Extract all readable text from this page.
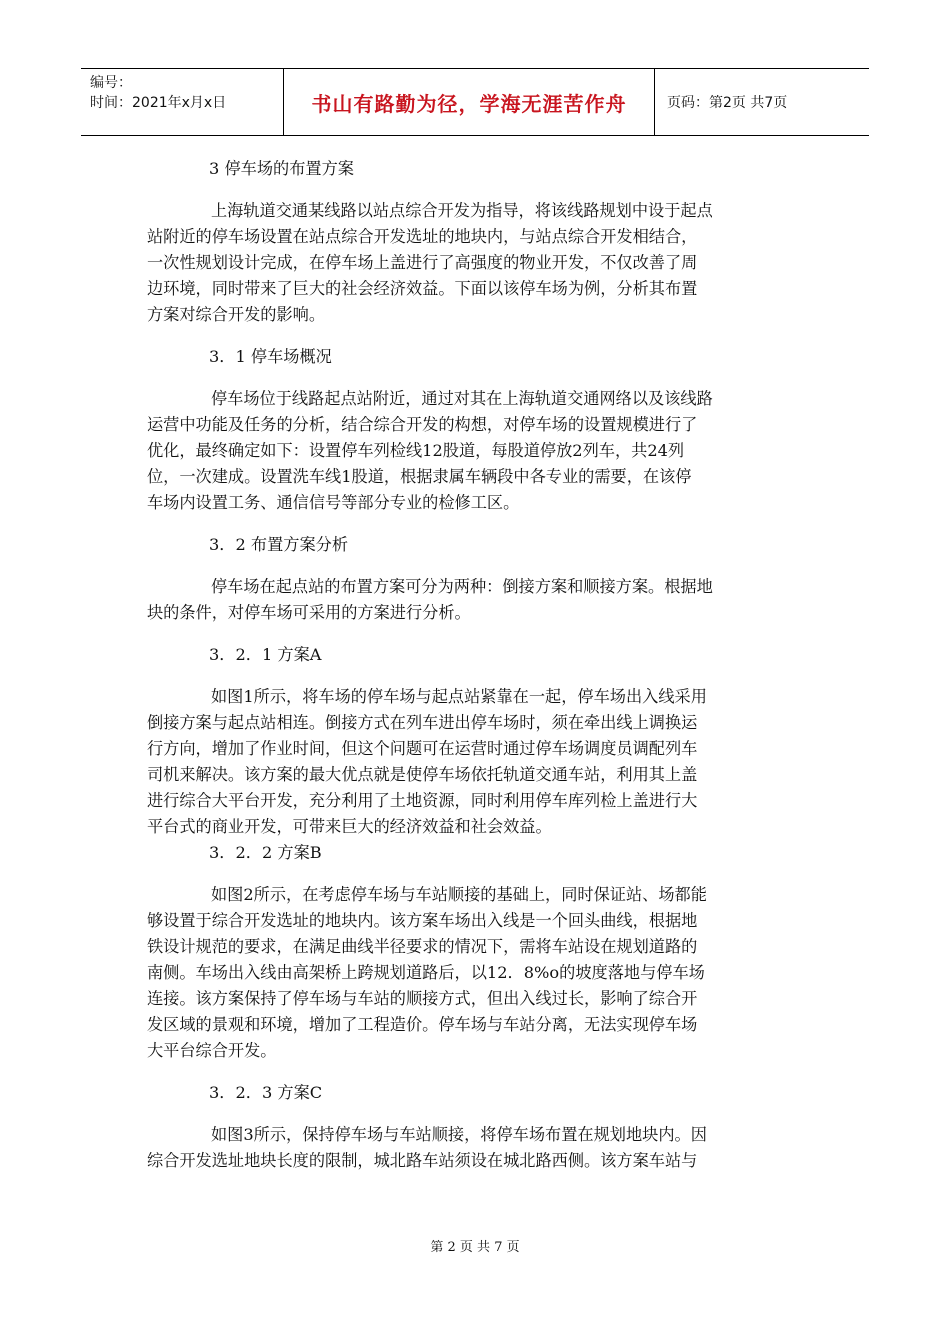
编号：
时间：2021年x月x日	书山有路勤为径，学海无涯苦作舟	页码：第2页 共7页
3 停车场的布置方案
上海轨道交通某线路以站点综合开发为指导，将该线路规划中设于起点
站附近的停车场设置在站点综合开发选址的地块内，与站点综合开发相结合，
一次性规划设计完成，在停车场上盖进行了高强度的物业开发，不仅改善了周
边环境，同时带来了巨大的社会经济效益。下面以该停车场为例，分析其布置
方案对综合开发的影响。
3．1 停车场概况
停车场位于线路起点站附近，通过对其在上海轨道交通网络以及该线路
运营中功能及任务的分析，结合综合开发的构想，对停车场的设置规模进行了
优化，最终确定如下：设置停车列检线12股道，每股道停放2列车，共24列
位，一次建成。设置洗车线1股道，根据隶属车辆段中各专业的需要，在该停
车场内设置工务、通信信号等部分专业的检修工区。
3．2 布置方案分析
停车场在起点站的布置方案可分为两种：倒接方案和顺接方案。根据地
块的条件，对停车场可采用的方案进行分析。
3．2．1 方案A
如图1所示，将车场的停车场与起点站紧靠在一起，停车场出入线采用
倒接方案与起点站相连。倒接方式在列车进出停车场时，须在牵出线上调换运
行方向，增加了作业时间，但这个问题可在运营时通过停车场调度员调配列车
司机来解决。该方案的最大优点就是使停车场依托轨道交通车站，利用其上盖
进行综合大平台开发，充分利用了土地资源，同时利用停车库列检上盖进行大
平台式的商业开发，可带来巨大的经济效益和社会效益。
3．2．2 方案B
如图2所示，在考虑停车场与车站顺接的基础上，同时保证站、场都能
够设置于综合开发选址的地块内。该方案车场出入线是一个回头曲线，根据地
铁设计规范的要求，在满足曲线半径要求的情况下，需将车站设在规划道路的
南侧。车场出入线由高架桥上跨规划道路后，以12．8%o的坡度落地与停车场
连接。该方案保持了停车场与车站的顺接方式，但出入线过长，影响了综合开
发区域的景观和环境，增加了工程造价。停车场与车站分离，无法实现停车场
大平台综合开发。
3．2．3 方案C
如图3所示，保持停车场与车站顺接，将停车场布置在规划地块内。因
综合开发选址地块长度的限制，城北路车站须设在城北路西侧。该方案车站与
第 2 页 共 7 页
